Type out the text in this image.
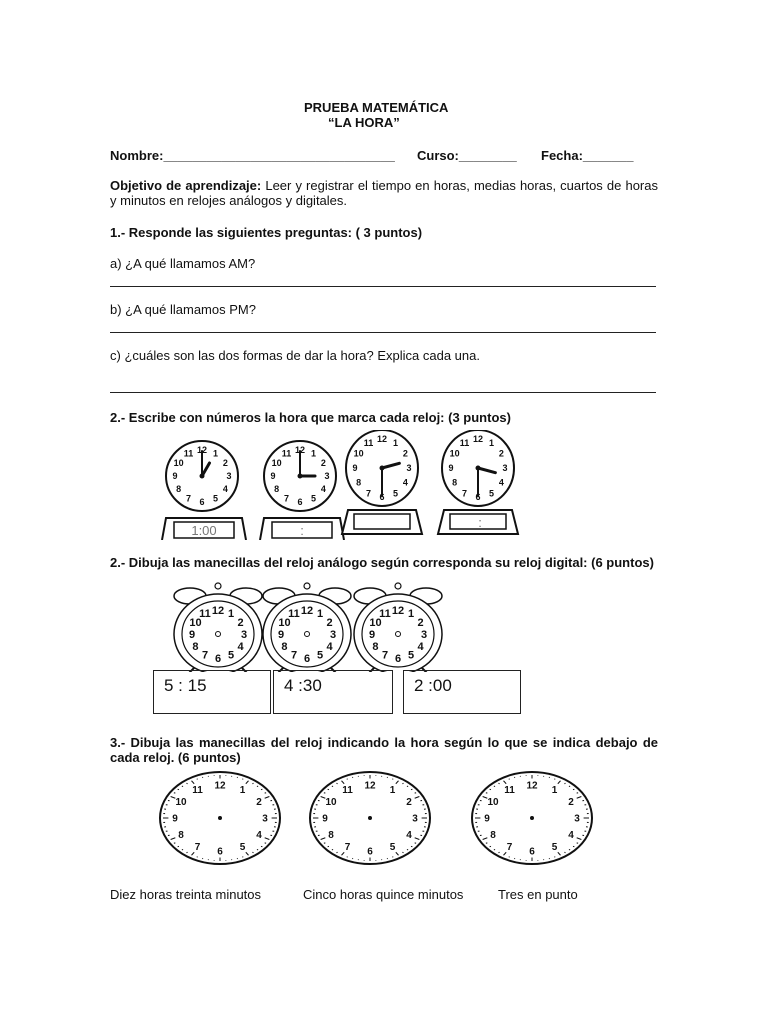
PRUEBA MATEMÁTICA
“LA HORA”
Nombre:________________________________ Curso:________ Fecha:_______
Objetivo de aprendizaje: Leer y registrar el tiempo en horas, medias horas, cuartos de horas y minutos en relojes análogos y digitales.
1.- Responde las siguientes preguntas: ( 3 puntos)
a) ¿A qué llamamos AM?
b) ¿A qué llamamos PM?
c) ¿cuáles son las dos formas de dar la hora? Explica cada una.
2.- Escribe con números la hora que marca cada reloj: (3 puntos)
12 1
2
3
4
5
6
7
8
9
10
11
1:00
12 1
2
3
4
5
6
7
8
9
10
11
:
12 1
2
3
4
5
6
7
8
9
10
11	12 1
2
3
4
5
6
7
8
9
10
11
:
2.- Dibuja las manecillas del reloj análogo según corresponda su reloj digital: (6 puntos)
12 1
2
3
4
5
6
7
8
9
10
11	12 1
2
3
4
5
6
7
8
9
10
11	12 1
2
3
4
5
6
7
8
9
10
11
5 : 15	4 :30	2 :00
3.- Dibuja las manecillas del reloj indicando la hora según lo que se indica debajo de cada reloj. (6 puntos)
12 1
2
3
4
5
6
7
8
9
10
11	12 1
2
3
4
5
6
7
8
9
10
11	12 1
2
3
4
5
6
7
8
9
10
11
Diez horas treinta minutos	Cinco horas quince minutos	Tres en punto
